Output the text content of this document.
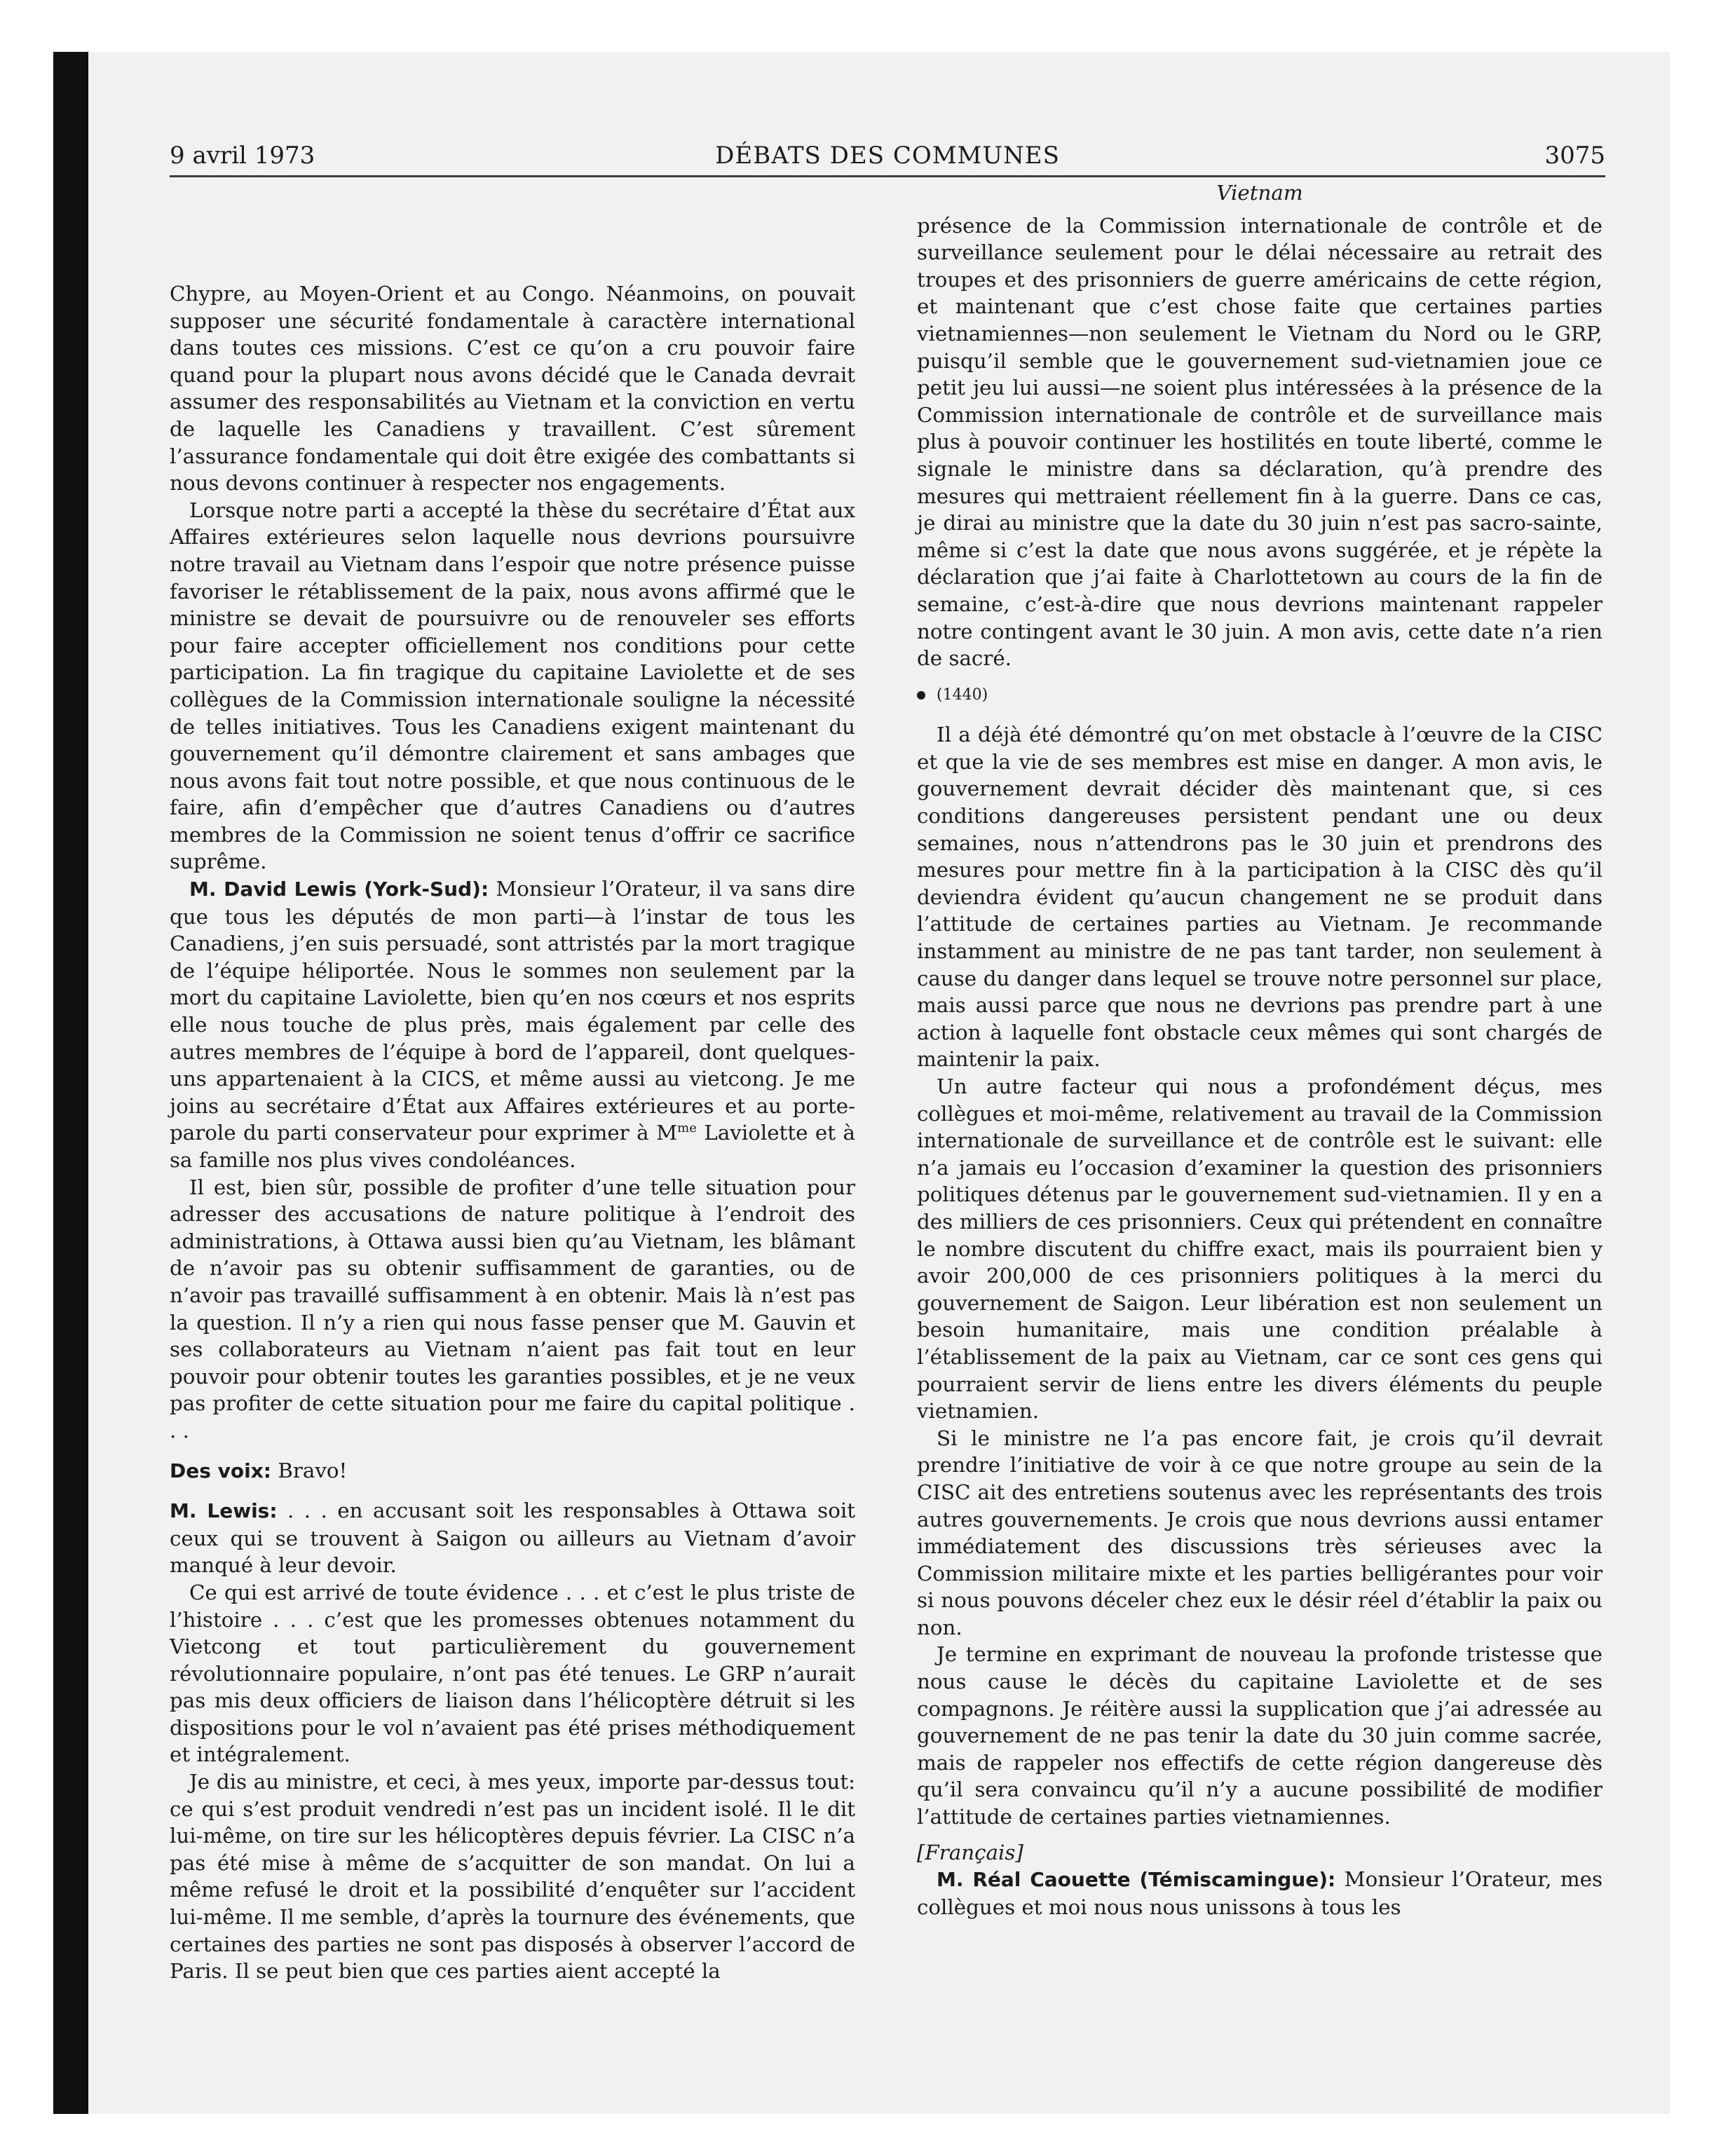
9 avril 1973	DÉBATS DES COMMUNES	3075

Chypre, au Moyen-Orient et au Congo. Néanmoins, on pouvait supposer une sécurité fondamentale à caractère international dans toutes ces missions. C’est ce qu’on a cru pouvoir faire quand pour la plupart nous avons décidé que le Canada devrait assumer des responsabilités au Vietnam et la conviction en vertu de laquelle les Canadiens y travaillent. C’est sûrement l’assurance fondamentale qui doit être exigée des combattants si nous devons continuer à respecter nos engagements.

Lorsque notre parti a accepté la thèse du secrétaire d’État aux Affaires extérieures selon laquelle nous devrions poursuivre notre travail au Vietnam dans l’espoir que notre présence puisse favoriser le rétablissement de la paix, nous avons affirmé que le ministre se devait de poursuivre ou de renouveler ses efforts pour faire accepter officiellement nos conditions pour cette participation. La fin tragique du capitaine Laviolette et de ses collègues de la Commission internationale souligne la nécessité de telles initiatives. Tous les Canadiens exigent maintenant du gouvernement qu’il démontre clairement et sans ambages que nous avons fait tout notre possible, et que nous continuous de le faire, afin d’empêcher que d’autres Canadiens ou d’autres membres de la Commission ne soient tenus d’offrir ce sacrifice suprême.

M. David Lewis (York-Sud): Monsieur l’Orateur, il va sans dire que tous les députés de mon parti—à l’instar de tous les Canadiens, j’en suis persuadé, sont attristés par la mort tragique de l’équipe héliportée. Nous le sommes non seulement par la mort du capitaine Laviolette, bien qu’en nos cœurs et nos esprits elle nous touche de plus près, mais également par celle des autres membres de l’équipe à bord de l’appareil, dont quelques-uns appartenaient à la CICS, et même aussi au vietcong. Je me joins au secrétaire d’État aux Affaires extérieures et au porte-parole du parti conservateur pour exprimer à $M^{me}$ Laviolette et à sa famille nos plus vives condoléances.

Il est, bien sûr, possible de profiter d’une telle situation pour adresser des accusations de nature politique à l’endroit des administrations, à Ottawa aussi bien qu’au Vietnam, les blâmant de n’avoir pas su obtenir suffisamment de garanties, ou de n’avoir pas travaillé suffisamment à en obtenir. Mais là n’est pas la question. Il n’y a rien qui nous fasse penser que M. Gauvin et ses collaborateurs au Vietnam n’aient pas fait tout en leur pouvoir pour obtenir toutes les garanties possibles, et je ne veux pas profiter de cette situation pour me faire du capital politique . . .

Des voix: Bravo!

M. Lewis: . . . en accusant soit les responsables à Ottawa soit ceux qui se trouvent à Saigon ou ailleurs au Vietnam d’avoir manqué à leur devoir.

Ce qui est arrivé de toute évidence . . . et c’est le plus triste de l’histoire . . . c’est que les promesses obtenues notamment du Vietcong et tout particulièrement du gouvernement révolutionnaire populaire, n’ont pas été tenues. Le GRP n’aurait pas mis deux officiers de liaison dans l’hélicoptère détruit si les dispositions pour le vol n’avaient pas été prises méthodiquement et intégralement.

Je dis au ministre, et ceci, à mes yeux, importe par-dessus tout: ce qui s’est produit vendredi n’est pas un incident isolé. Il le dit lui-même, on tire sur les hélicoptères depuis février. La CISC n’a pas été mise à même de s’acquitter de son mandat. On lui a même refusé le droit et la possibilité d’enquêter sur l’accident lui-même. Il me semble, d’après la tournure des événements, que certaines des parties ne sont pas disposés à observer l’accord de Paris. Il se peut bien que ces parties aient accepté la

Vietnam

présence de la Commission internationale de contrôle et de surveillance seulement pour le délai nécessaire au retrait des troupes et des prisonniers de guerre américains de cette région, et maintenant que c’est chose faite que certaines parties vietnamiennes—non seulement le Vietnam du Nord ou le GRP, puisqu’il semble que le gouvernement sud-vietnamien joue ce petit jeu lui aussi—ne soient plus intéressées à la présence de la Commission internationale de contrôle et de surveillance mais plus à pouvoir continuer les hostilités en toute liberté, comme le signale le ministre dans sa déclaration, qu’à prendre des mesures qui mettraient réellement fin à la guerre. Dans ce cas, je dirai au ministre que la date du 30 juin n’est pas sacro-sainte, même si c’est la date que nous avons suggérée, et je répète la déclaration que j’ai faite à Charlottetown au cours de la fin de semaine, c’est-à-dire que nous devrions maintenant rappeler notre contingent avant le 30 juin. A mon avis, cette date n’a rien de sacré.

(1440)

Il a déjà été démontré qu’on met obstacle à l’œuvre de la CISC et que la vie de ses membres est mise en danger. A mon avis, le gouvernement devrait décider dès maintenant que, si ces conditions dangereuses persistent pendant une ou deux semaines, nous n’attendrons pas le 30 juin et prendrons des mesures pour mettre fin à la participation à la CISC dès qu’il deviendra évident qu’aucun changement ne se produit dans l’attitude de certaines parties au Vietnam. Je recommande instamment au ministre de ne pas tant tarder, non seulement à cause du danger dans lequel se trouve notre personnel sur place, mais aussi parce que nous ne devrions pas prendre part à une action à laquelle font obstacle ceux mêmes qui sont chargés de maintenir la paix.

Un autre facteur qui nous a profondément déçus, mes collègues et moi-même, relativement au travail de la Commission internationale de surveillance et de contrôle est le suivant: elle n’a jamais eu l’occasion d’examiner la question des prisonniers politiques détenus par le gouvernement sud-vietnamien. Il y en a des milliers de ces prisonniers. Ceux qui prétendent en connaître le nombre discutent du chiffre exact, mais ils pourraient bien y avoir 200,000 de ces prisonniers politiques à la merci du gouvernement de Saigon. Leur libération est non seulement un besoin humanitaire, mais une condition préalable à l’établissement de la paix au Vietnam, car ce sont ces gens qui pourraient servir de liens entre les divers éléments du peuple vietnamien.

Si le ministre ne l’a pas encore fait, je crois qu’il devrait prendre l’initiative de voir à ce que notre groupe au sein de la CISC ait des entretiens soutenus avec les représentants des trois autres gouvernements. Je crois que nous devrions aussi entamer immédiatement des discussions très sérieuses avec la Commission militaire mixte et les parties belligérantes pour voir si nous pouvons déceler chez eux le désir réel d’établir la paix ou non.

Je termine en exprimant de nouveau la profonde tristesse que nous cause le décès du capitaine Laviolette et de ses compagnons. Je réitère aussi la supplication que j’ai adressée au gouvernement de ne pas tenir la date du 30 juin comme sacrée, mais de rappeler nos effectifs de cette région dangereuse dès qu’il sera convaincu qu’il n’y a aucune possibilité de modifier l’attitude de certaines parties vietnamiennes.

[Français]

M. Réal Caouette (Témiscamingue): Monsieur l’Orateur, mes collègues et moi nous nous unissons à tous les
